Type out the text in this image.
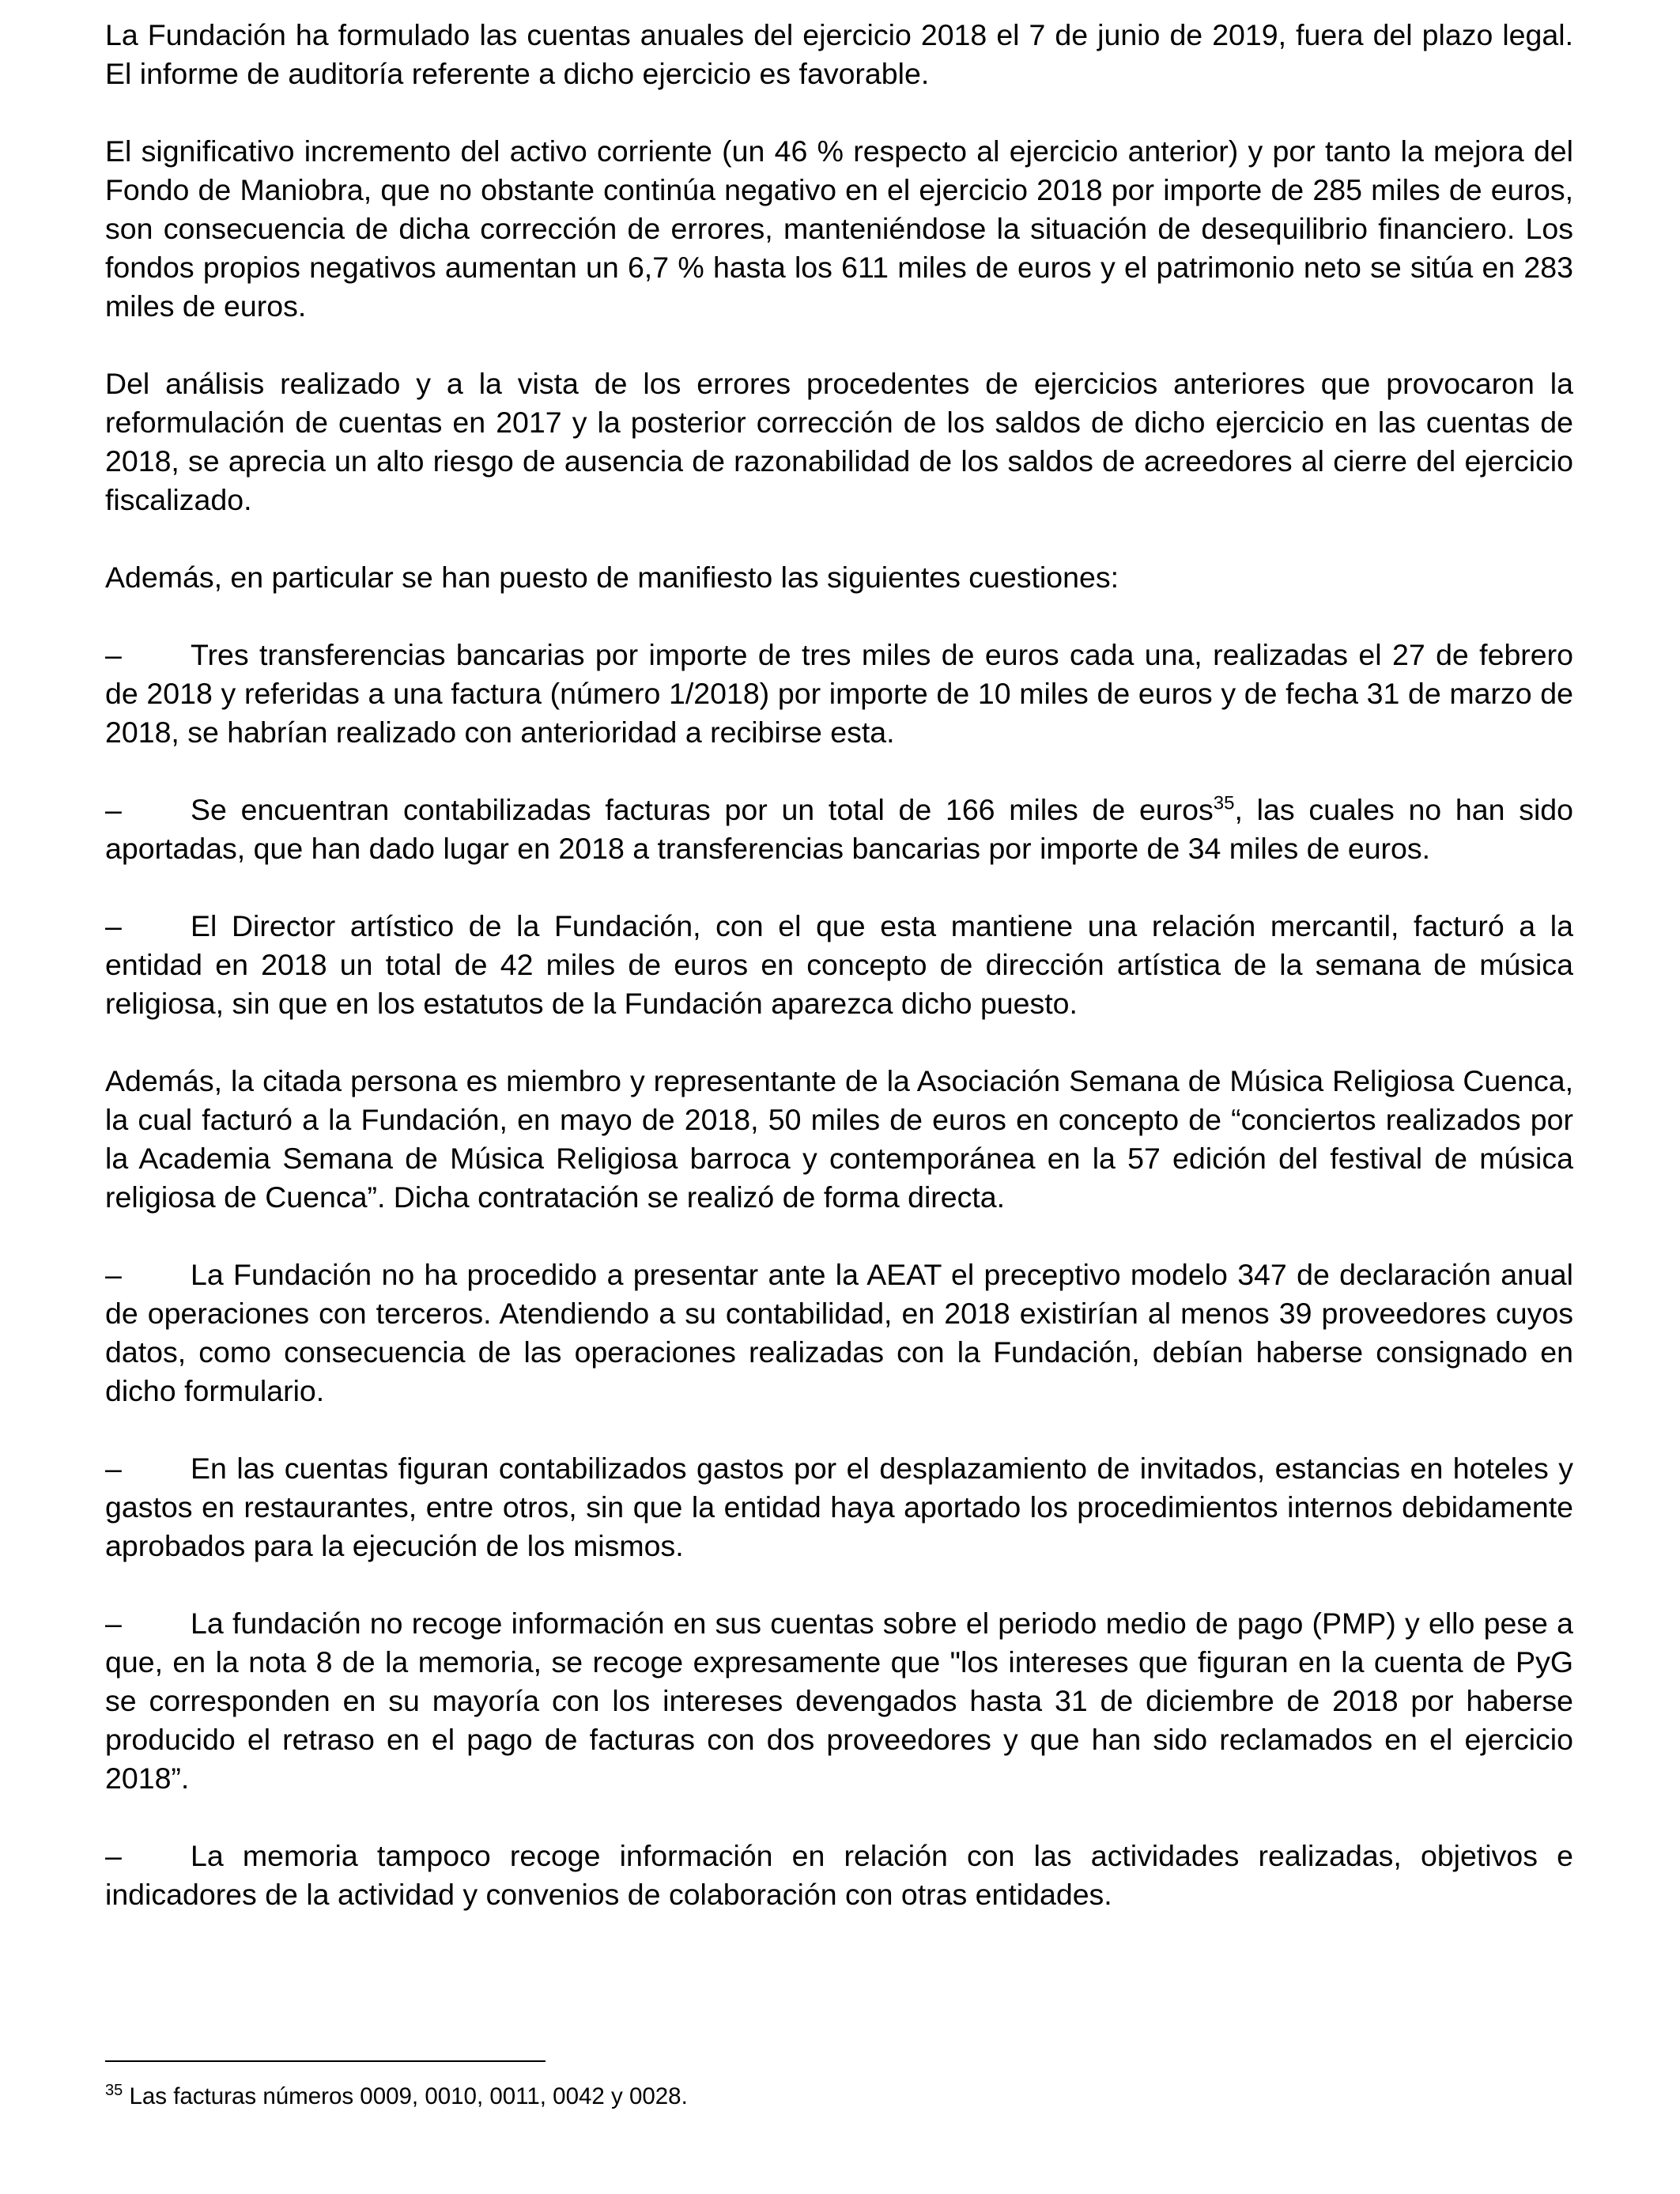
La Fundación ha formulado las cuentas anuales del ejercicio 2018 el 7 de junio de 2019, fuera del plazo legal. El informe de auditoría referente a dicho ejercicio es favorable.

El significativo incremento del activo corriente (un 46 % respecto al ejercicio anterior) y por tanto la mejora del Fondo de Maniobra, que no obstante continúa negativo en el ejercicio 2018 por importe de 285 miles de euros, son consecuencia de dicha corrección de errores, manteniéndose la situación de desequilibrio financiero. Los fondos propios negativos aumentan un 6,7 % hasta los 611 miles de euros y el patrimonio neto se sitúa en 283 miles de euros.

Del análisis realizado y a la vista de los errores procedentes de ejercicios anteriores que provocaron la reformulación de cuentas en 2017 y la posterior corrección de los saldos de dicho ejercicio en las cuentas de 2018, se aprecia un alto riesgo de ausencia de razonabilidad de los saldos de acreedores al cierre del ejercicio fiscalizado.

Además, en particular se han puesto de manifiesto las siguientes cuestiones:

– Tres transferencias bancarias por importe de tres miles de euros cada una, realizadas el 27 de febrero de 2018 y referidas a una factura (número 1/2018) por importe de 10 miles de euros y de fecha 31 de marzo de 2018, se habrían realizado con anterioridad a recibirse esta.

– Se encuentran contabilizadas facturas por un total de 166 miles de euros$^{35}$, las cuales no han sido aportadas, que han dado lugar en 2018 a transferencias bancarias por importe de 34 miles de euros.

– El Director artístico de la Fundación, con el que esta mantiene una relación mercantil, facturó a la entidad en 2018 un total de 42 miles de euros en concepto de dirección artística de la semana de música religiosa, sin que en los estatutos de la Fundación aparezca dicho puesto.

Además, la citada persona es miembro y representante de la Asociación Semana de Música Religiosa Cuenca, la cual facturó a la Fundación, en mayo de 2018, 50 miles de euros en concepto de “conciertos realizados por la Academia Semana de Música Religiosa barroca y contemporánea en la 57 edición del festival de música religiosa de Cuenca”. Dicha contratación se realizó de forma directa.

– La Fundación no ha procedido a presentar ante la AEAT el preceptivo modelo 347 de declaración anual de operaciones con terceros. Atendiendo a su contabilidad, en 2018 existirían al menos 39 proveedores cuyos datos, como consecuencia de las operaciones realizadas con la Fundación, debían haberse consignado en dicho formulario.

– En las cuentas figuran contabilizados gastos por el desplazamiento de invitados, estancias en hoteles y gastos en restaurantes, entre otros, sin que la entidad haya aportado los procedimientos internos debidamente aprobados para la ejecución de los mismos.

– La fundación no recoge información en sus cuentas sobre el periodo medio de pago (PMP) y ello pese a que, en la nota 8 de la memoria, se recoge expresamente que "los intereses que figuran en la cuenta de PyG se corresponden en su mayoría con los intereses devengados hasta 31 de diciembre de 2018 por haberse producido el retraso en el pago de facturas con dos proveedores y que han sido reclamados en el ejercicio 2018”.

– La memoria tampoco recoge información en relación con las actividades realizadas, objetivos e indicadores de la actividad y convenios de colaboración con otras entidades.

$^{35}$ Las facturas números 0009, 0010, 0011, 0042 y 0028.
